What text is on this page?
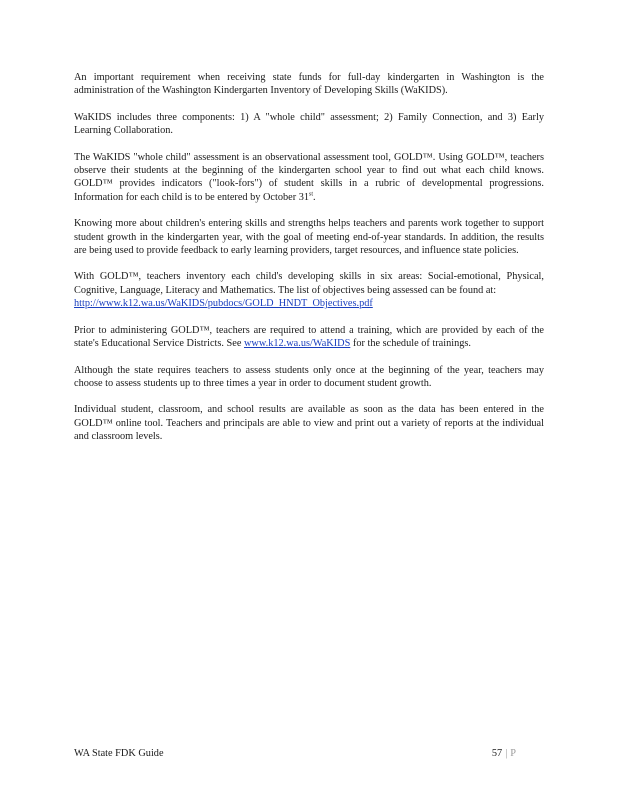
An important requirement when receiving state funds for full-day kindergarten in Washington is the administration of the Washington Kindergarten Inventory of Developing Skills (WaKIDS).

WaKIDS includes three components: 1) A "whole child" assessment; 2) Family Connection, and 3) Early Learning Collaboration.

The WaKIDS "whole child" assessment is an observational assessment tool, GOLD™. Using GOLD™, teachers observe their students at the beginning of the kindergarten school year to find out what each child knows. GOLD™ provides indicators ("look-fors") of student skills in a rubric of developmental progressions. Information for each child is to be entered by October 31st.

Knowing more about children's entering skills and strengths helps teachers and parents work together to support student growth in the kindergarten year, with the goal of meeting end-of-year standards. In addition, the results are being used to provide feedback to early learning providers, target resources, and influence state policies.

With GOLD™, teachers inventory each child's developing skills in six areas: Social-emotional, Physical, Cognitive, Language, Literacy and Mathematics. The list of objectives being assessed can be found at:
http://www.k12.wa.us/WaKIDS/pubdocs/GOLD_HNDT_Objectives.pdf

Prior to administering GOLD™, teachers are required to attend a training, which are provided by each of the state's Educational Service Districts. See www.k12.wa.us/WaKIDS for the schedule of trainings.

Although the state requires teachers to assess students only once at the beginning of the year, teachers may choose to assess students up to three times a year in order to document student growth.

Individual student, classroom, and school results are available as soon as the data has been entered in the GOLD™ online tool. Teachers and principals are able to view and print out a variety of reports at the individual and classroom levels.

WA State FDK Guide	57 | P
